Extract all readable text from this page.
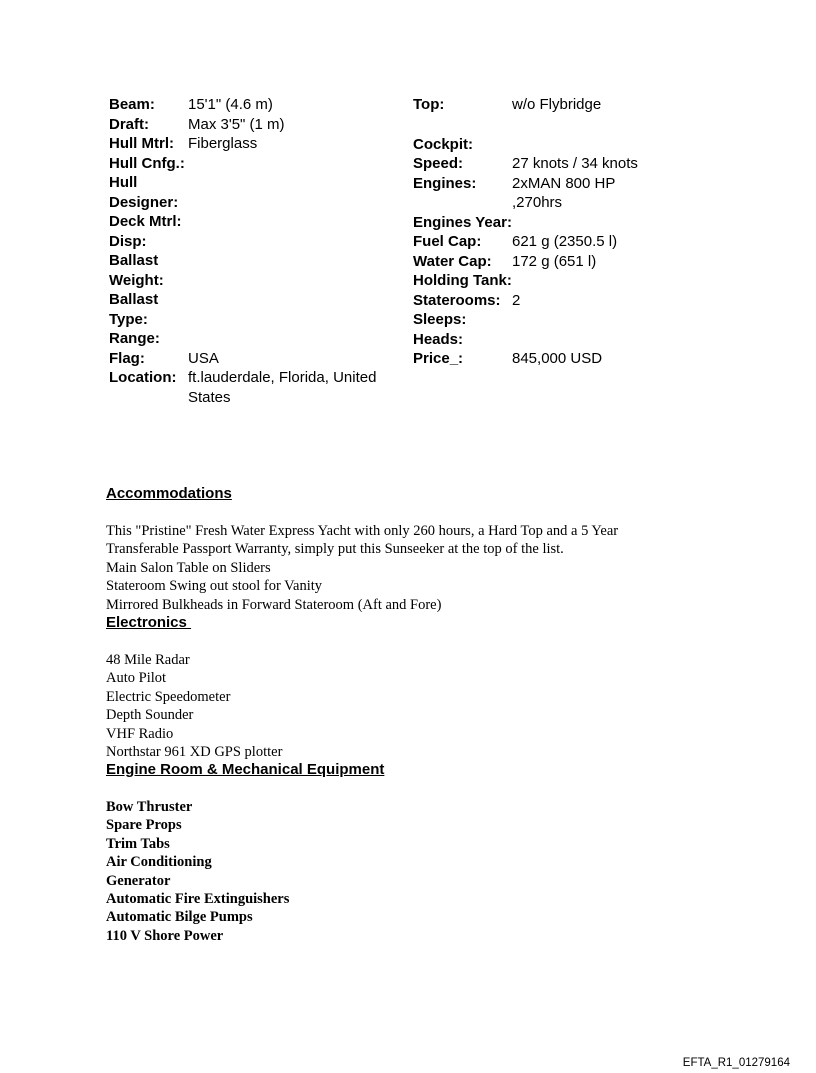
Beam:	15'1" (4.6 m)
Draft:	Max 3'5" (1 m)
Hull Mtrl: Fiberglass
Hull Cnfg.:
Hull Designer:
Deck Mtrl:
Disp:
Ballast Weight:
Ballast Type:
Range:
Flag:	USA
Location: ft.lauderdale, Florida, United States
Top:	w/o Flybridge
Cockpit:
Speed:	27 knots / 34 knots
Engines:	2xMAN 800 HP ,270hrs
Engines Year:
Fuel Cap:	621 g (2350.5 l)
Water Cap:	172 g (651 l)
Holding Tank:
Staterooms: 2
Sleeps:
Heads:
Price_:	845,000 USD
Accommodations
This "Pristine" Fresh Water Express Yacht with only 260 hours, a Hard Top and a 5 Year
Transferable Passport Warranty, simply put this Sunseeker at the top of the list.
Main Salon Table on Sliders
Stateroom Swing out stool for Vanity
Mirrored Bulkheads in Forward Stateroom (Aft and Fore)
Electronics
48 Mile Radar
Auto Pilot
Electric Speedometer
Depth Sounder
VHF Radio
Northstar 961 XD GPS plotter
Engine Room & Mechanical Equipment
Bow Thruster
Spare Props
Trim Tabs
Air Conditioning
Generator
Automatic Fire Extinguishers
Automatic Bilge Pumps
110 V Shore Power
EFTA_R1_01279164
